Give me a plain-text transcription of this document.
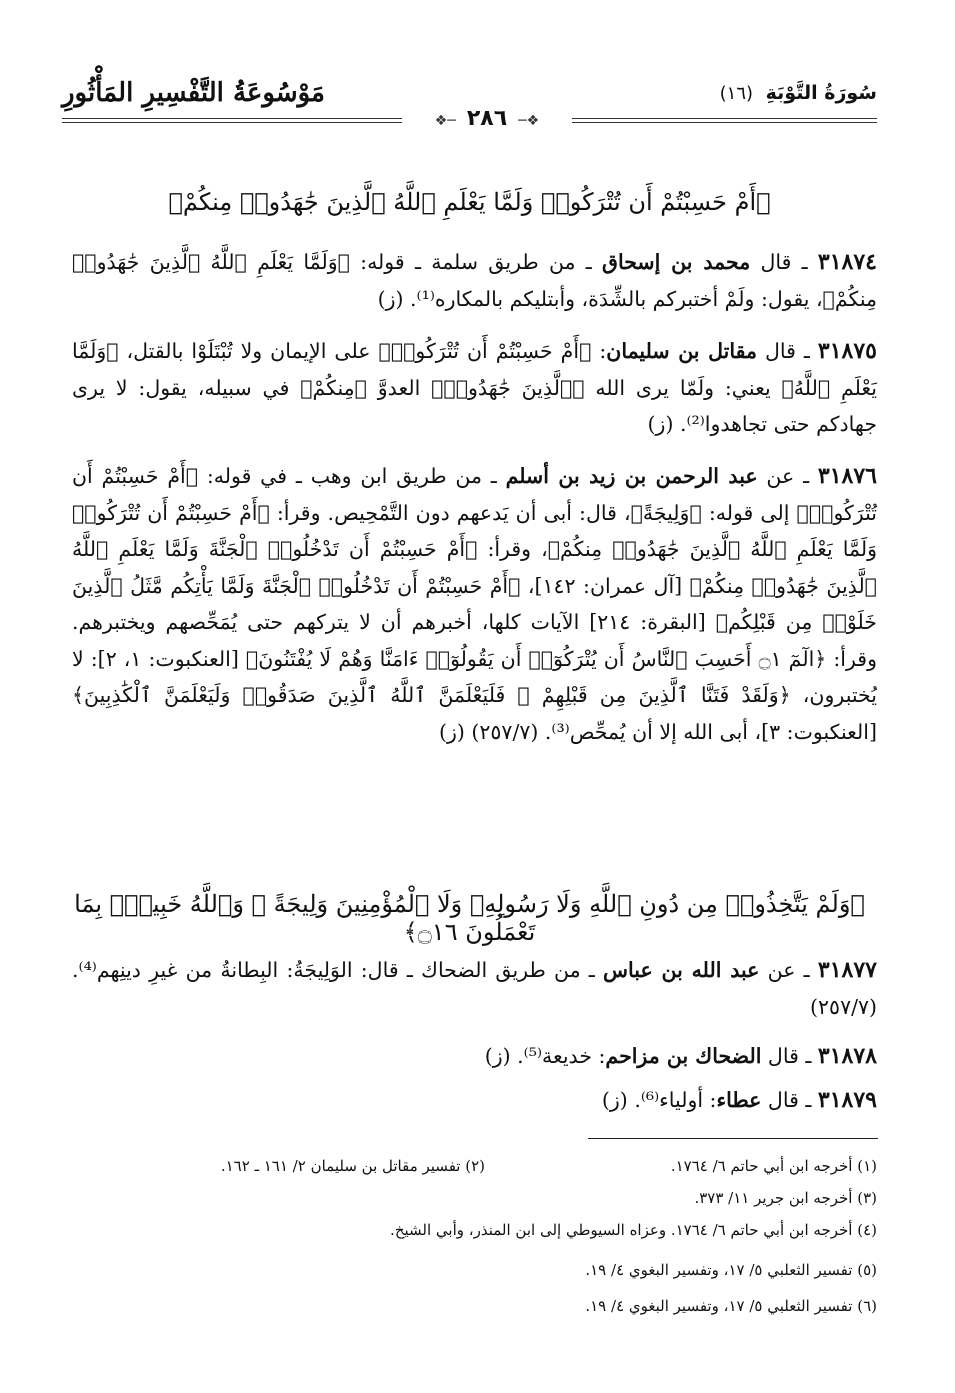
مَوْسُوعَةُ التَّفْسِيرِ المَأْثُورِ	سُورَةُ التَّوْبَةِ (١٦)
❖─ ٢٨٦ ─❖
﴿أَمْ حَسِبْتُمْ أَن تُتْرَكُوا۟ وَلَمَّا يَعْلَمِ ٱللَّهُ ٱلَّذِينَ جَٰهَدُوا۟ مِنكُمْ﴾
٣١٨٧٤ ـ قال محمد بن إسحاق ـ من طريق سلمة ـ قوله: ﴿وَلَمَّا يَعْلَمِ ٱللَّهُ ٱلَّذِينَ جَٰهَدُوا۟ مِنكُمْ﴾، يقول: ولَمْ أختبركم بالشِّدَة، وأبتليكم بالمكاره⁽¹⁾. (ز)
٣١٨٧٥ ـ قال مقاتل بن سليمان: ﴿أَمْ حَسِبْتُمْ أَن تُتْرَكُوا۟﴾ على الإيمان ولا تُبْتَلَوْا بالقتل، ﴿وَلَمَّا يَعْلَمِ ٱللَّهُ﴾ يعني: ولَمّا يرى الله ﴿ٱلَّذِينَ جَٰهَدُوا۟﴾ العدوَّ ﴿مِنكُمْ﴾ في سبيله، يقول: لا يرى جهادكم حتى تجاهدوا⁽²⁾. (ز)
٣١٨٧٦ ـ عن عبد الرحمن بن زيد بن أسلم ـ من طريق ابن وهب ـ في قوله: ﴿أَمْ حَسِبْتُمْ أَن تُتْرَكُوا۟﴾ إلى قوله: ﴿وَلِيجَةً﴾، قال: أبى أن يَدعهم دون التَّمْحِيص. وقرأ: ﴿أَمْ حَسِبْتُمْ أَن تُتْرَكُوا۟ وَلَمَّا يَعْلَمِ ٱللَّهُ ٱلَّذِينَ جَٰهَدُوا۟ مِنكُمْ﴾، وقرأ: ﴿أَمْ حَسِبْتُمْ أَن تَدْخُلُوا۟ ٱلْجَنَّةَ وَلَمَّا يَعْلَمِ ٱللَّهُ ٱلَّذِينَ جَٰهَدُوا۟ مِنكُمْ﴾ [آل عمران: ١٤٢]، ﴿أَمْ حَسِبْتُمْ أَن تَدْخُلُوا۟ ٱلْجَنَّةَ وَلَمَّا يَأْتِكُم مَّثَلُ ٱلَّذِينَ خَلَوْا۟ مِن قَبْلِكُم﴾ [البقرة: ٢١٤] الآيات كلها، أخبرهم أن لا يتركهم حتى يُمَحِّصهم ويختبرهم. وقرأ: ﴿الٓمٓ ۝١ أَحَسِبَ ٱلنَّاسُ أَن يُتْرَكُوٓا۟ أَن يَقُولُوٓا۟ ءَامَنَّا وَهُمْ لَا يُفْتَنُونَ﴾ [العنكبوت: ١، ٢]: لا يُختبرون، ﴿وَلَقَدْ فَتَنَّا ٱلَّذِينَ مِن قَبْلِهِمْ ۖ فَلَيَعْلَمَنَّ ٱللَّهُ ٱلَّذِينَ صَدَقُوا۟ وَلَيَعْلَمَنَّ ٱلْكَٰذِبِينَ﴾ [العنكبوت: ٣]، أبى الله إلا أن يُمحِّص⁽³⁾. (٢٥٧/٧) (ز)
﴿وَلَمْ يَتَّخِذُوا۟ مِن دُونِ ٱللَّهِ وَلَا رَسُولِهِۦ وَلَا ٱلْمُؤْمِنِينَ وَلِيجَةً ۚ وَٱللَّهُ خَبِيرٌۢ بِمَا تَعْمَلُونَ ۝١٦﴾
٣١٨٧٧ ـ عن عبد الله بن عباس ـ من طريق الضحاك ـ قال: الوَلِيجَةُ: البِطانةُ من غيرِ دينِهم⁽⁴⁾. (٢٥٧/٧)
٣١٨٧٨ ـ قال الضحاك بن مزاحم: خديعة⁽⁵⁾. (ز)
٣١٨٧٩ ـ قال عطاء: أولياء⁽⁶⁾. (ز)
(١) أخرجه ابن أبي حاتم ٦/ ١٧٦٤.
(٢) تفسير مقاتل بن سليمان ٢/ ١٦١ ـ ١٦٢.
(٣) أخرجه ابن جرير ١١/ ٣٧٣.
(٤) أخرجه ابن أبي حاتم ٦/ ١٧٦٤. وعزاه السيوطي إلى ابن المنذر، وأبي الشيخ.
(٥) تفسير الثعلبي ٥/ ١٧، وتفسير البغوي ٤/ ١٩.
(٦) تفسير الثعلبي ٥/ ١٧، وتفسير البغوي ٤/ ١٩.
